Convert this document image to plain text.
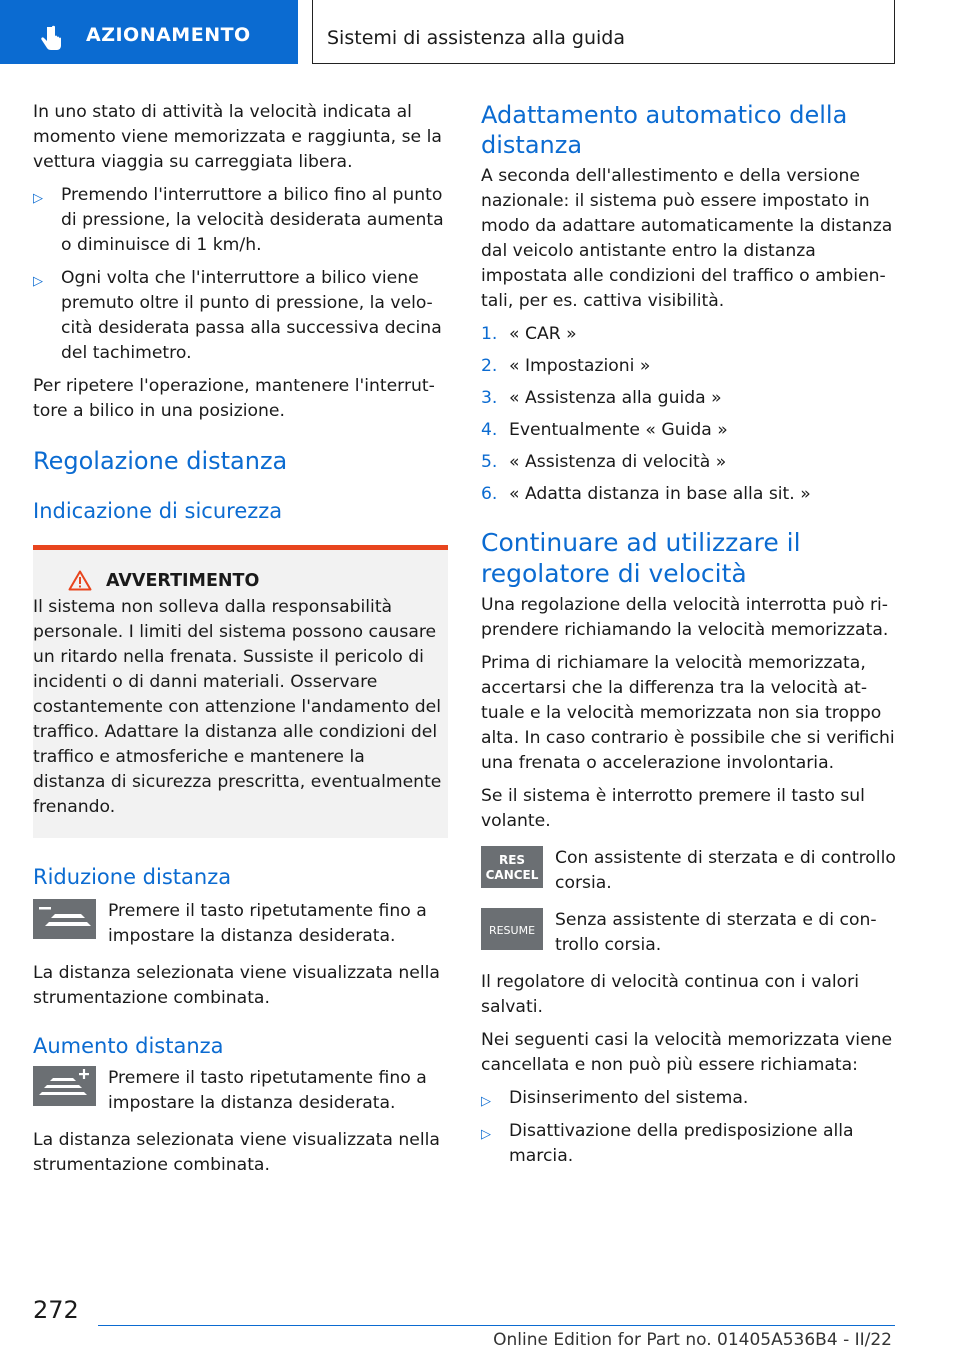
AZIONAMENTO	Sistemi di assistenza alla guida

In uno stato di attività la velocità indicata al momento viene memorizzata e raggiunta, se la vettura viaggia su carreggiata libera.

▷ Premendo l'interruttore a bilico fino al punto di pressione, la velocità desiderata aumenta o diminuisce di 1 km/h.
▷ Ogni volta che l'interruttore a bilico viene premuto oltre il punto di pressione, la velocità desiderata passa alla successiva decina del tachimetro.

Per ripetere l'operazione, mantenere l'interruttore a bilico in una posizione.

Regolazione distanza
Indicazione di sicurezza
AVVERTIMENTO

Il sistema non solleva dalla responsabilità personale. I limiti del sistema possono causare un ritardo nella frenata. Sussiste il pericolo di incidenti o di danni materiali. Osservare costantemente con attenzione l'andamento del traffico. Adattare la distanza alle condizioni del traffico e atmosferiche e mantenere la distanza di sicurezza prescritta, eventualmente frenando.

Riduzione distanza

Premere il tasto ripetutamente fino a impostare la distanza desiderata.

La distanza selezionata viene visualizzata nella strumentazione combinata.

Aumento distanza

Premere il tasto ripetutamente fino a impostare la distanza desiderata.

La distanza selezionata viene visualizzata nella strumentazione combinata.

Adattamento automatico della distanza

A seconda dell'allestimento e della versione nazionale: il sistema può essere impostato in modo da adattare automaticamente la distanza dal veicolo antistante entro la distanza impostata alle condizioni del traffico o ambientali, per es. cattiva visibilità.

1. « CAR »
2. « Impostazioni »
3. « Assistenza alla guida »
4. Eventualmente « Guida »
5. « Assistenza di velocità »
6. « Adatta distanza in base alla sit. »
Continuare ad utilizzare il regolatore di velocità

Una regolazione della velocità interrotta può riprendere richiamando la velocità memorizzata.

Prima di richiamare la velocità memorizzata, accertarsi che la differenza tra la velocità attuale e la velocità memorizzata non sia troppo alta. In caso contrario è possibile che si verifichi una frenata o accelerazione involontaria.

Se il sistema è interrotto premere il tasto sul volante.

RES
CANCEL

Con assistente di sterzata e di controllo corsia.

RESUME

Senza assistente di sterzata e di controllo corsia.

Il regolatore di velocità continua con i valori salvati.

Nei seguenti casi la velocità memorizzata viene cancellata e non può più essere richiamata:

▷ Disinserimento del sistema.
▷ Disattivazione della predisposizione alla marcia.
272
Online Edition for Part no. 01405A536B4 - II/22
